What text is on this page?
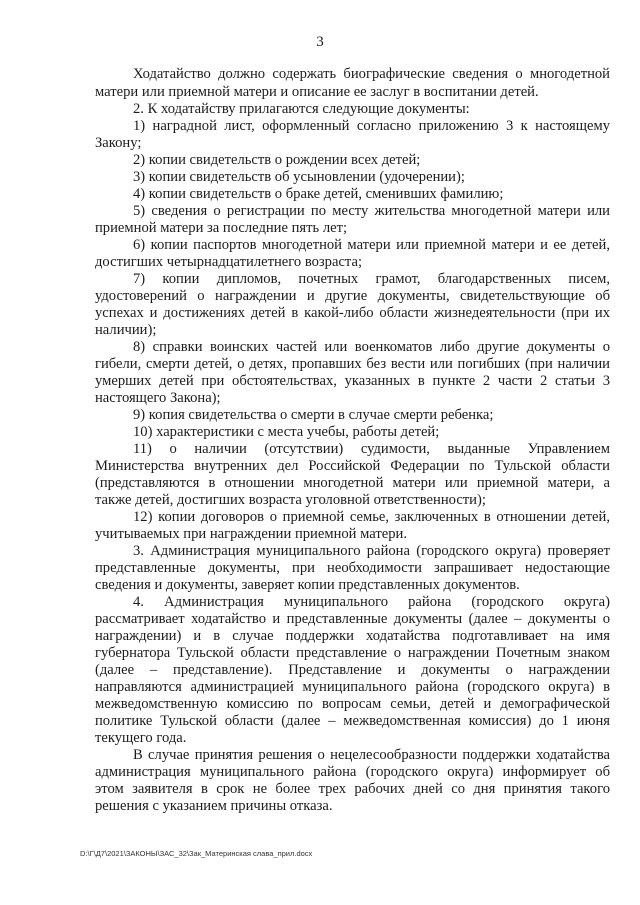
3
Ходатайство должно содержать биографические сведения о многодетной
матери или приемной матери и описание ее заслуг в воспитании детей.
2. К ходатайству прилагаются следующие документы:
1) наградной лист, оформленный согласно приложению 3 к настоящему
Закону;
2) копии свидетельств о рождении всех детей;
3) копии свидетельств об усыновлении (удочерении);
4) копии свидетельств о браке детей, сменивших фамилию;
5) сведения о регистрации по месту жительства многодетной матери или
приемной матери за последние пять лет;
6) копии паспортов многодетной матери или приемной матери и ее детей,
достигших четырнадцатилетнего возраста;
7) копии дипломов, почетных грамот, благодарственных писем,
удостоверений о награждении и другие документы, свидетельствующие об
успехах и достижениях детей в какой-либо области жизнедеятельности (при их
наличии);
8) справки воинских частей или военкоматов либо другие документы о
гибели, смерти детей, о детях, пропавших без вести или погибших (при наличии
умерших детей при обстоятельствах, указанных в пункте 2 части 2 статьи 3
настоящего Закона);
9) копия свидетельства о смерти в случае смерти ребенка;
10) характеристики с места учебы, работы детей;
11) о наличии (отсутствии) судимости, выданные Управлением
Министерства внутренних дел Российской Федерации по Тульской области
(представляются в отношении многодетной матери или приемной матери, а
также детей, достигших возраста уголовной ответственности);
12) копии договоров о приемной семье, заключенных в отношении детей,
учитываемых при награждении приемной матери.
3. Администрация муниципального района (городского округа) проверяет
представленные документы, при необходимости запрашивает недостающие
сведения и документы, заверяет копии представленных документов.
4. Администрация муниципального района (городского округа)
рассматривает ходатайство и представленные документы (далее – документы о
награждении) и в случае поддержки ходатайства подготавливает на имя
губернатора Тульской области представление о награждении Почетным знаком
(далее – представление). Представление и документы о награждении
направляются администрацией муниципального района (городского округа) в
межведомственную комиссию по вопросам семьи, детей и демографической
политике Тульской области (далее – межведомственная комиссия) до 1 июня
текущего года.
В случае принятия решения о нецелесообразности поддержки ходатайства
администрация муниципального района (городского округа) информирует об
этом заявителя в срок не более трех рабочих дней со дня принятия такого
решения с указанием причины отказа.
D:\Г\Д7\2021\ЗАКОНЫ\ЗАС_32\Зак_Материнская слава_прил.docx
